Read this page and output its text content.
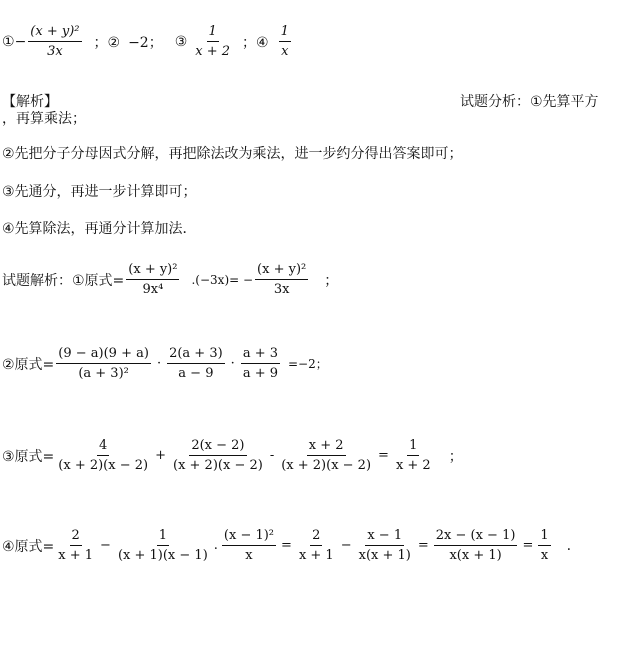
① − $\frac{\text{(x + y)²}}{3x}$ ；② −2； ③ $\frac{1}{x + 2}$ ；④ $\frac{1}{x}$
【解析】	试题分析：①先算平方
，再算乘法；
②先把分子分母因式分解，再把除法改为乘法，进一步约分得出答案即可；
③先通分，再进一步计算即可；
④先算除法，再通分计算加法．
试题解析：①原式= $\frac{\text{(x + y)²}}{\text{9x⁴}} .(-3x)= - \frac{\text{(x + y)²}}{3x}$ ；
②原式= $\frac{(9 - a)(9 + a)}{\text{(a + 3)²}} \cdot \frac{2(a + 3)}{a - 9} \cdot \frac{a + 3}{a + 9} =-2$；
③原式= $\frac{4}{(x + 2)(x - 2)} + \frac{2(x - 2)}{(x + 2)(x - 2)} - \frac{x + 2}{(x + 2)(x - 2)} = \frac{1}{x + 2}$ ；
④原式= $\frac{2}{x + 1} - \frac{1}{(x + 1)(x - 1)}$ . $\frac{\text{(x − 1)²}}{x} = \frac{2}{x + 1} - \frac{x - 1}{x(x + 1)} = \frac{2x - (x - 1)}{x(x + 1)} = \frac{1}{x}$ .
